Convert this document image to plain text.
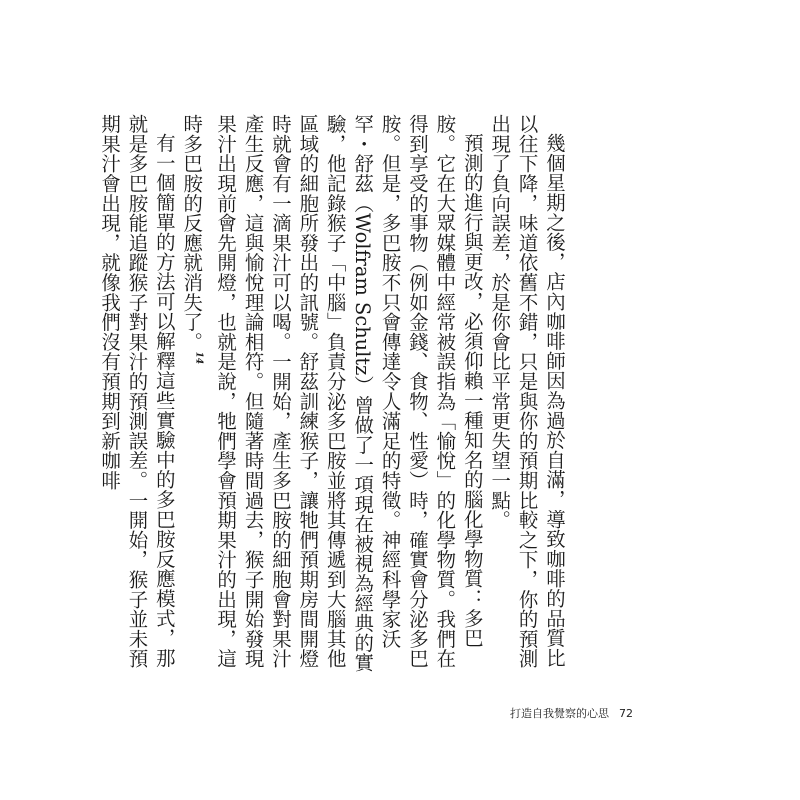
幾個星期之後，店內咖啡師因為過於自滿，導致咖啡的品質比以往下降，味道依舊不錯，只是與你的預期比較之下，你的預測出現了負向誤差，於是你會比平常更失望一點。

預測的進行與更改，必須仰賴一種知名的腦化學物質：多巴胺。它在大眾媒體中經常被誤指為「愉悅」的化學物質。我們在得到享受的事物（例如金錢、食物、性愛）時，確實會分泌多巴胺。但是，多巴胺不只會傳達令人滿足的特徵。神經科學家沃罕・舒茲（Wolfram Schultz）曾做了一項現在被視為經典的實驗，他記錄猴子「中腦」負責分泌多巴胺並將其傳遞到大腦其他區域的細胞所發出的訊號。舒茲訓練猴子，讓牠們預期房間開燈時就會有一滴果汁可以喝。一開始，產生多巴胺的細胞會對果汁產生反應，這與愉悅理論相符。但隨著時間過去，猴子開始發現果汁出現前會先開燈，也就是說，牠們學會預期果汁的出現，這時多巴胺的反應就消失了。$^{14}$

有一個簡單的方法可以解釋這些實驗中的多巴胺反應模式，那就是多巴胺能追蹤猴子對果汁的預測誤差。一開始，猴子並未預期果汁會出現，就像我們沒有預期到新咖啡

打造自我覺察的心思 72
